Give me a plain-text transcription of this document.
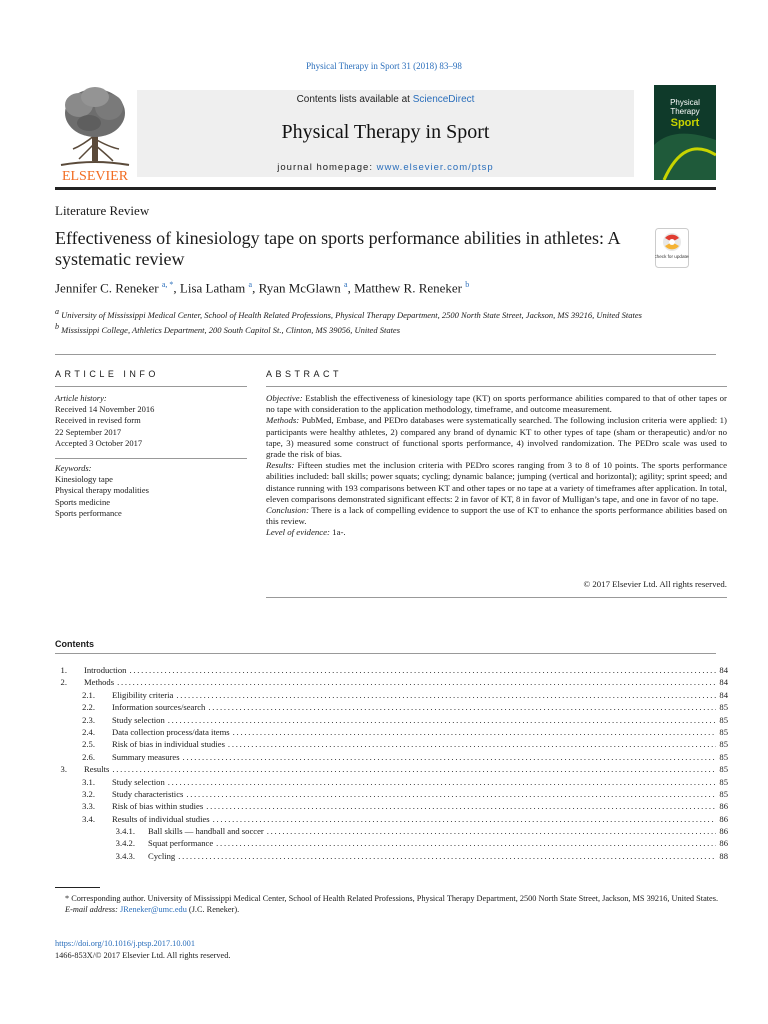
Physical Therapy in Sport 31 (2018) 83–98
ELSEVIER
Contents lists available at ScienceDirect
Physical Therapy in Sport
journal homepage: www.elsevier.com/ptsp
Physical
Therapy
Sport
Literature Review
Effectiveness of kinesiology tape on sports performance abilities in athletes: A systematic review	Check for updates
Jennifer C. Reneker $^{a, *}$, Lisa Latham $^a$, Ryan McGlawn $^a$, Matthew R. Reneker $^b$
a University of Mississippi Medical Center, School of Health Related Professions, Physical Therapy Department, 2500 North State Street, Jackson, MS 39216, United States
b Mississippi College, Athletics Department, 200 South Capitol St., Clinton, MS 39056, United States
ARTICLE INFO	ABSTRACT
Article history:
Received 14 November 2016
Received in revised form
22 September 2017
Accepted 3 October 2017
Keywords:
Kinesiology tape
Physical therapy modalities
Sports medicine
Sports performance

Objective: Establish the effectiveness of kinesiology tape (KT) on sports performance abilities compared to that of other tapes or no tape with consideration to the application methodology, timeframe, and outcome measurement.

Methods: PubMed, Embase, and PEDro databases were systematically searched. The following inclusion criteria were applied: 1) participants were healthy athletes, 2) compared any brand of dynamic KT to other types of tape (sham or therapeutic) and/or no tape, 3) measured some construct of functional sports performance, 4) involved randomization. The PEDro scale was used to grade the risk of bias.

Results: Fifteen studies met the inclusion criteria with PEDro scores ranging from 3 to 8 of 10 points. The sports performance abilities included: ball skills; power squats; cycling; dynamic balance; jumping (vertical and horizontal); agility; sprint speed; and distance running with 193 comparisons between KT and other tapes or no tape at a variety of timeframes after application. In total, eleven comparisons demonstrated significant effects: 2 in favor of KT, 8 in favor of Mulligan’s tape, and one in favor of no tape.

Conclusion: There is a lack of compelling evidence to support the use of KT to enhance the sports performance abilities based on this review.

Level of evidence: 1a-.

© 2017 Elsevier Ltd. All rights reserved.
Contents
1. Introduction . . .	84
2. Methods . . .	84
2.1. Eligibility criteria . . .	84
2.2. Information sources/search . . .	85
2.3. Study selection . . .	85
2.4. Data collection process/data items . . .	85
2.5. Risk of bias in individual studies . . .	85
2.6. Summary measures . . .	85
3. Results . . .	85
3.1. Study selection . . .	85
3.2. Study characteristics . . .	85
3.3. Risk of bias within studies . . .	86
3.4. Results of individual studies . . .	86
3.4.1. Ball skills — handball and soccer . . .	86
3.4.2. Squat performance . . .	86
3.4.3. Cycling . . .	88
* Corresponding author. University of Mississippi Medical Center, School of Health Related Professions, Physical Therapy Department, 2500 North State Street, Jackson, MS 39216, United States.
E-mail address: JReneker@umc.edu (J.C. Reneker).
https://doi.org/10.1016/j.ptsp.2017.10.001
1466-853X/© 2017 Elsevier Ltd. All rights reserved.
